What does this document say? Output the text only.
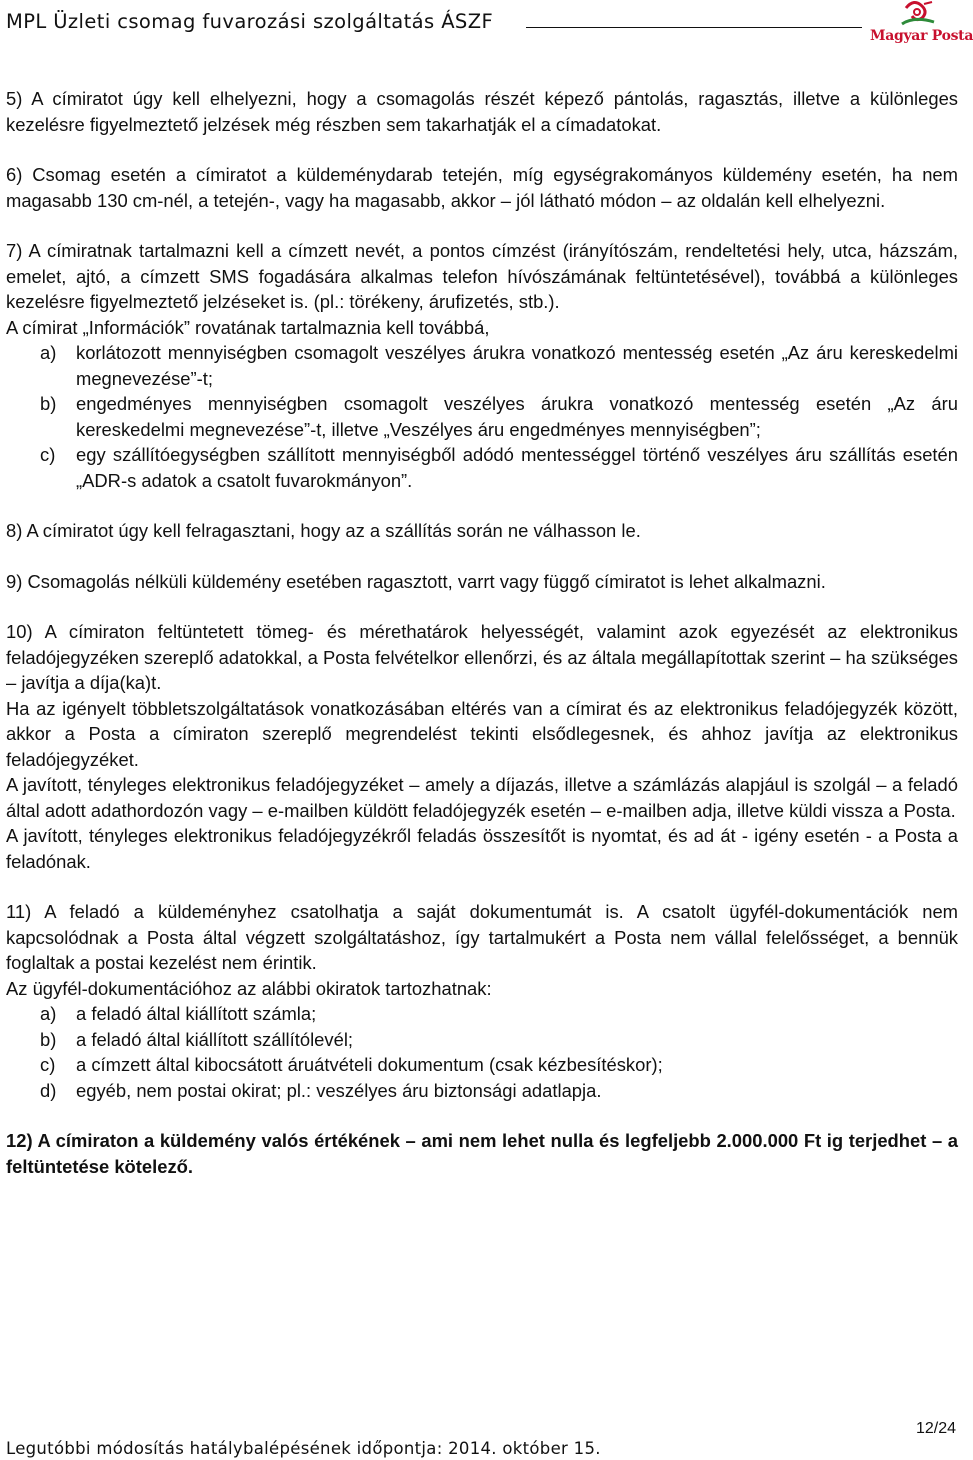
MPL Üzleti csomag fuvarozási szolgáltatás ÁSZF
Magyar Posta

5) A címiratot úgy kell elhelyezni, hogy a csomagolás részét képező pántolás, ragasztás, illetve a különleges kezelésre figyelmeztető jelzések még részben sem takarhatják el a címadatokat.

6) Csomag esetén a címiratot a küldeménydarab tetején, míg egységrakományos küldemény esetén, ha nem magasabb 130 cm-nél, a tetején-, vagy ha magasabb, akkor – jól látható módon – az oldalán kell elhelyezni.

7) A címiratnak tartalmazni kell a címzett nevét, a pontos címzést (irányítószám, rendeltetési hely, utca, házszám, emelet, ajtó, a címzett SMS fogadására alkalmas telefon hívószámának feltüntetésével), továbbá a különleges kezelésre figyelmeztető jelzéseket is. (pl.: törékeny, árufizetés, stb.).

A címirat „Információk” rovatának tartalmaznia kell továbbá,

a)	korlátozott mennyiségben csomagolt veszélyes árukra vonatkozó mentesség esetén „Az áru kereskedelmi megnevezése”-t;
b)	engedményes mennyiségben csomagolt veszélyes árukra vonatkozó mentesség esetén „Az áru kereskedelmi megnevezése”-t, illetve „Veszélyes áru engedményes mennyiségben”;
c)	egy szállítóegységben szállított mennyiségből adódó mentességgel történő veszélyes áru szállítás esetén „ADR-s adatok a csatolt fuvarokmányon”.

8) A címiratot úgy kell felragasztani, hogy az a szállítás során ne válhasson le.

9) Csomagolás nélküli küldemény esetében ragasztott, varrt vagy függő címiratot is lehet alkalmazni.

10) A címiraton feltüntetett tömeg- és mérethatárok helyességét, valamint azok egyezését az elektronikus feladójegyzéken szereplő adatokkal, a Posta felvételkor ellenőrzi, és az általa megállapítottak szerint – ha szükséges – javítja a díja(ka)t.

Ha az igényelt többletszolgáltatások vonatkozásában eltérés van a címirat és az elektronikus feladójegyzék között, akkor a Posta a címiraton szereplő megrendelést tekinti elsődlegesnek, és ahhoz javítja az elektronikus feladójegyzéket.

A javított, tényleges elektronikus feladójegyzéket – amely a díjazás, illetve a számlázás alapjául is szolgál – a feladó által adott adathordozón vagy – e-mailben küldött feladójegyzék esetén – e-mailben adja, illetve küldi vissza a Posta.

A javított, tényleges elektronikus feladójegyzékről feladás összesítőt is nyomtat, és ad át - igény esetén - a Posta a feladónak.

11) A feladó a küldeményhez csatolhatja a saját dokumentumát is. A csatolt ügyfél-dokumentációk nem kapcsolódnak a Posta által végzett szolgáltatáshoz, így tartalmukért a Posta nem vállal felelősséget, a bennük foglaltak a postai kezelést nem érintik.

Az ügyfél-dokumentációhoz az alábbi okiratok tartozhatnak:

a)	a feladó által kiállított számla;
b)	a feladó által kiállított szállítólevél;
c)	a címzett által kibocsátott áruátvételi dokumentum (csak kézbesítéskor);
d)	egyéb, nem postai okirat; pl.: veszélyes áru biztonsági adatlapja.

12) A címiraton a küldemény valós értékének – ami nem lehet nulla és legfeljebb 2.000.000 Ft ig terjedhet – a feltüntetése kötelező.

12/24
Legutóbbi módosítás hatálybalépésének időpontja: 2014. október 15.
